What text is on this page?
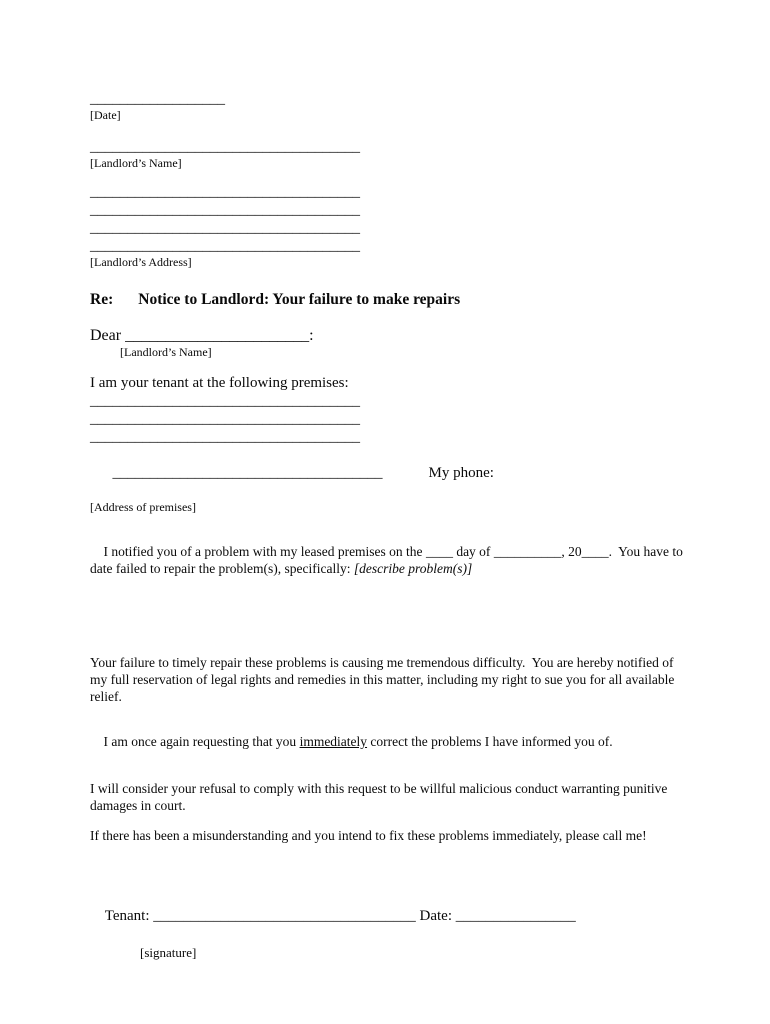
__________________
[Date]
____________________________________
[Landlord’s Name]
____________________________________
____________________________________
____________________________________
____________________________________
[Landlord’s Address]
Re: Notice to Landlord: Your failure to make repairs
Dear _______________________:
[Landlord’s Name]
I am your tenant at the following premises:
____________________________________
____________________________________
____________________________________

____________________________________	My phone:

[Address of premises]

I notified you of a problem with my leased premises on the ____ day of __________, 20____.  You have to date failed to repair the problem(s), specifically: [describe problem(s)]

Your failure to timely repair these problems is causing me tremendous difficulty.  You are hereby notified of my full reservation of legal rights and remedies in this matter, including my right to sue you for all available relief.

I am once again requesting that you immediately correct the problems I have informed you of.

I will consider your refusal to comply with this request to be willful malicious conduct warranting punitive damages in court.

If there has been a misunderstanding and you intend to fix these problems immediately, please call me!

Tenant: ___________________________________ Date: ________________

[signature]
